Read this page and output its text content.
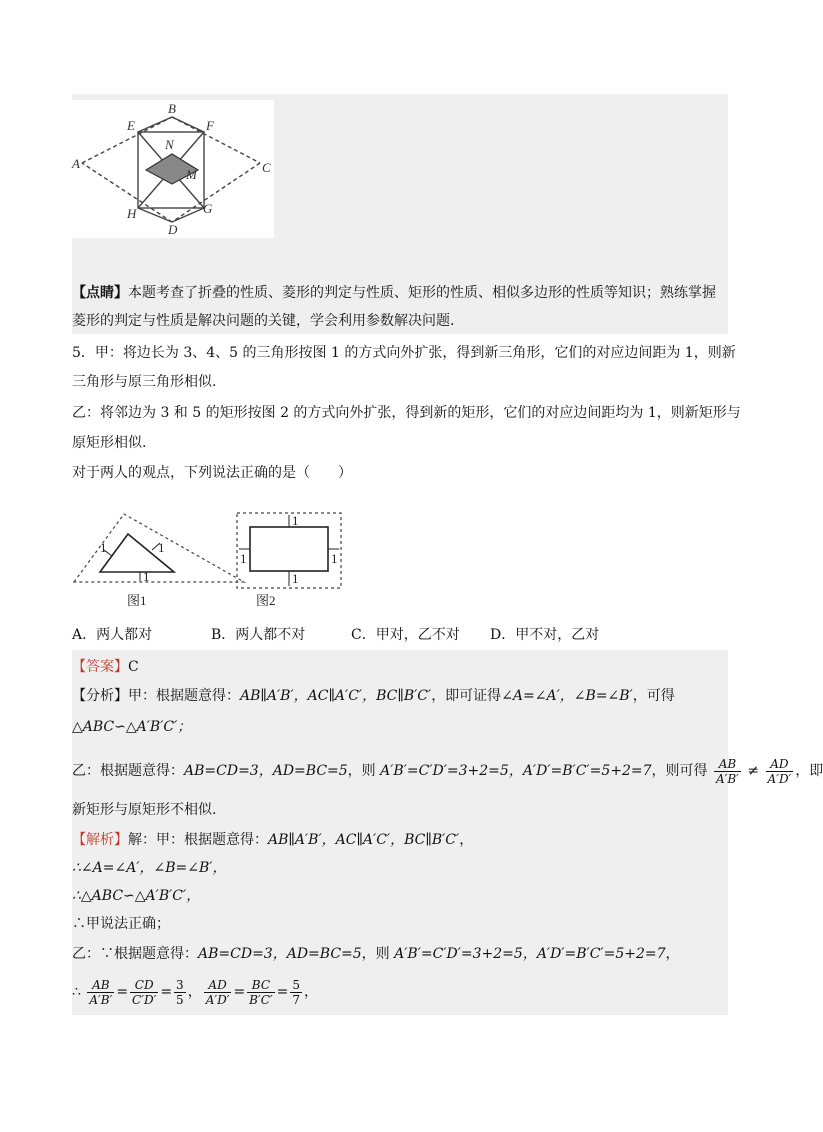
B
E	F
A	C
N
M
H	G
D
【点睛】本题考查了折叠的性质、菱形的判定与性质、矩形的性质、相似多边形的性质等知识；熟练掌握
菱形的判定与性质是解决问题的关键，学会利用参数解决问题.
5．甲：将边长为 3、4、5 的三角形按图 1 的方式向外扩张，得到新三角形，它们的对应边间距为 1，则新
三角形与原三角形相似.
乙：将邻边为 3 和 5 的矩形按图 2 的方式向外扩张，得到新的矩形，它们的对应边间距均为 1，则新矩形与
原矩形相似.
对于两人的观点，下列说法正确的是（　　）
1	1
1
图1
1
1
1	1
图2
A．两人都对	B．两人都不对	C．甲对，乙不对 D．甲不对，乙对
【答案】C
【分析】甲：根据题意得：AB∥A′B′，AC∥A′C′，BC∥B′C′，即可证得∠A=∠A′，∠B=∠B′，可得
△ABC∽△A′B′C′；
乙：根据题意得：AB=CD=3，AD=BC=5，则 A′B′=C′D′=3+2=5，A′D′=B′C′=5+2=7，则可得 $\frac{AB}{A'B'} \ne \frac{AD}{A'D'}$ ，即
新矩形与原矩形不相似.
【解析】解：甲：根据题意得：AB∥A′B′，AC∥A′C′，BC∥B′C′，
∴∠A=∠A′，∠B=∠B′，
∴△ABC∽△A′B′C′，
∴甲说法正确；
乙：∵根据题意得：AB=CD=3，AD=BC=5，则 A′B′=C′D′=3+2=5，A′D′=B′C′=5+2=7，
∴ $\frac{AB}{A'B'} = \frac{CD}{C'D'} = \frac{3}{5}$ ， $\frac{AD}{A'D'} = \frac{BC}{B'C'} = \frac{5}{7}$ ，
